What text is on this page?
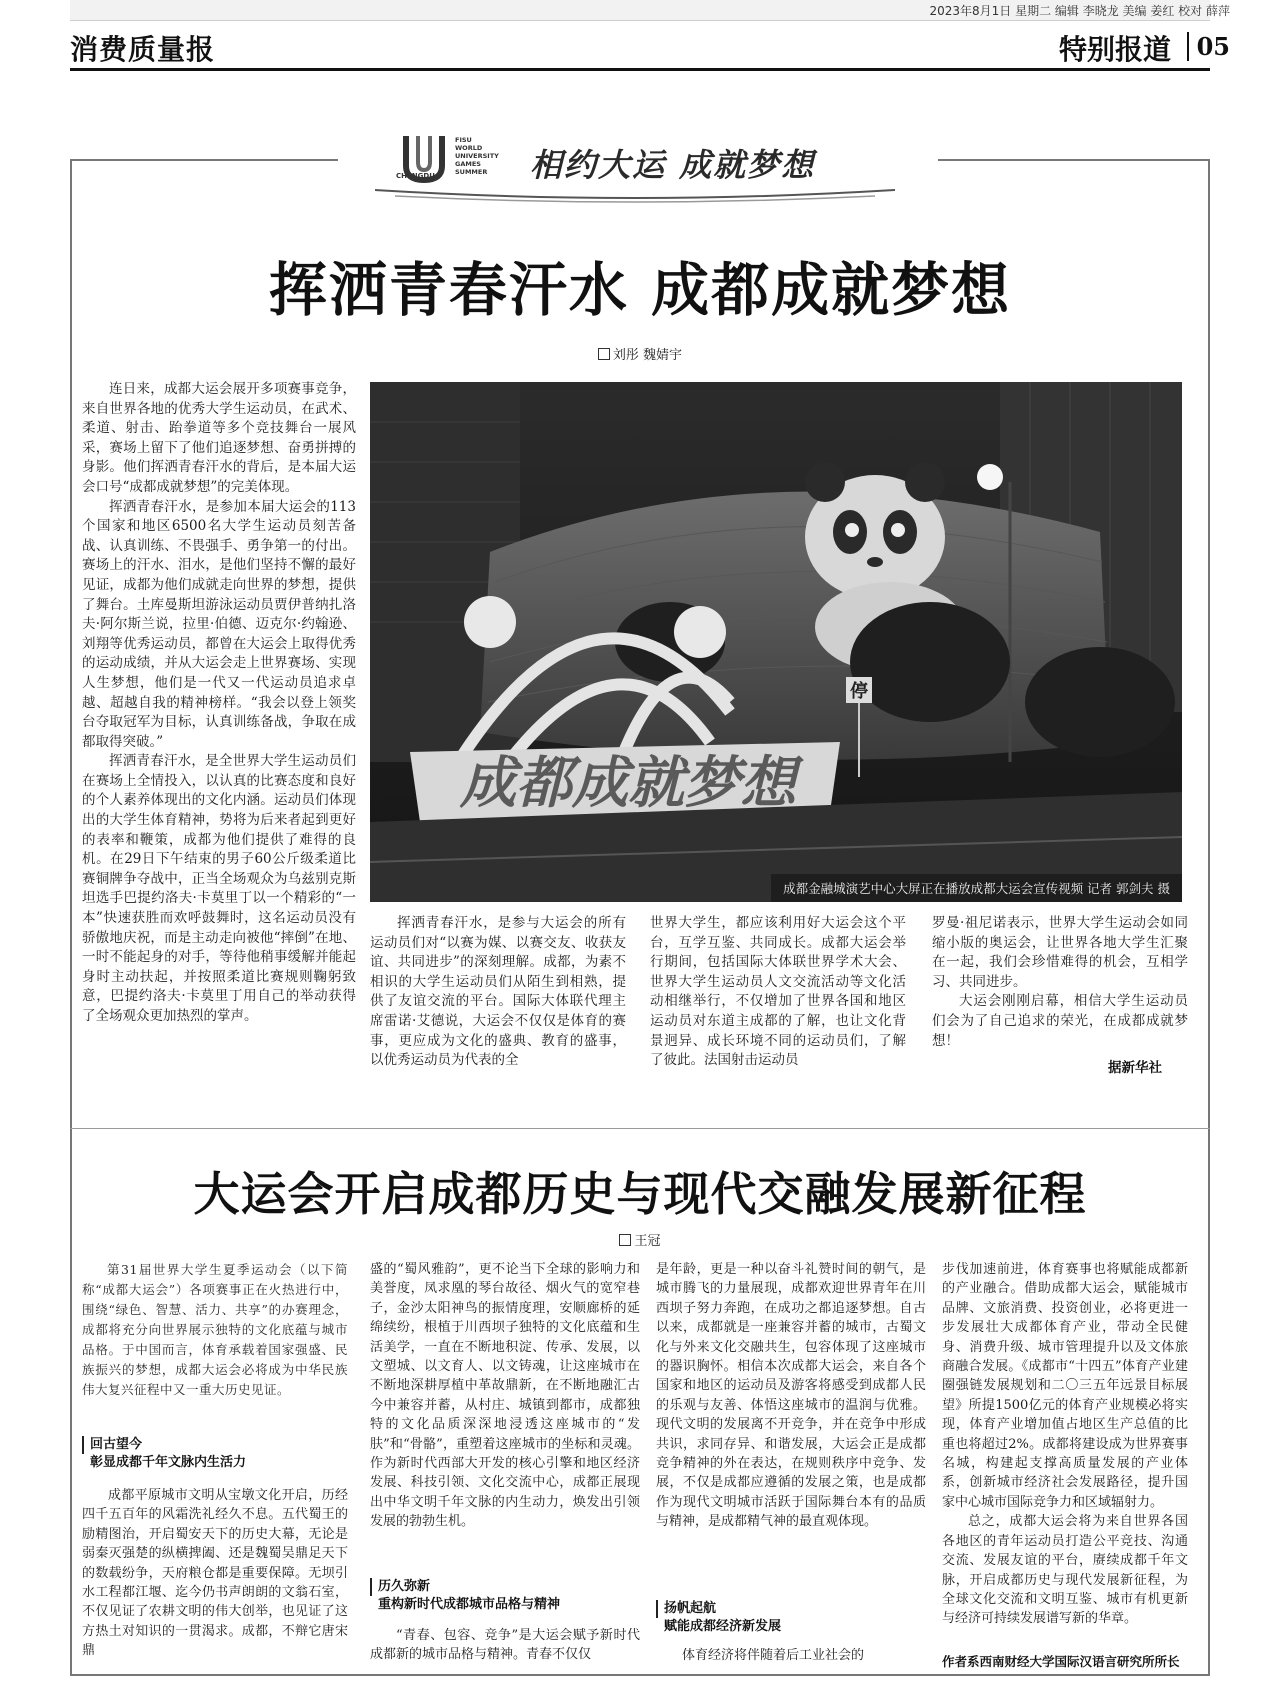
2023年8月1日 星期二 编辑 李晓龙 美编 姜红 校对 薛萍
消费质量报	特别报道	05
CHENGDU
FISU
WORLD
UNIVERSITY
GAMES
SUMMER	相约大运 成就梦想
挥洒青春汗水 成都成就梦想
刘彤 魏婧宇

连日来，成都大运会展开多项赛事竞争，来自世界各地的优秀大学生运动员，在武术、柔道、射击、跆拳道等多个竞技舞台一展风采，赛场上留下了他们追逐梦想、奋勇拼搏的身影。他们挥洒青春汗水的背后，是本届大运会口号“成都成就梦想”的完美体现。

挥洒青春汗水，是参加本届大运会的113个国家和地区6500名大学生运动员刻苦备战、认真训练、不畏强手、勇争第一的付出。赛场上的汗水、泪水，是他们坚持不懈的最好见证，成都为他们成就走向世界的梦想，提供了舞台。土库曼斯坦游泳运动员贾伊普纳扎洛夫·阿尔斯兰说，拉里·伯德、迈克尔·约翰逊、刘翔等优秀运动员，都曾在大运会上取得优秀的运动成绩，并从大运会走上世界赛场、实现人生梦想，他们是一代又一代运动员追求卓越、超越自我的精神榜样。“我会以登上领奖台夺取冠军为目标，认真训练备战，争取在成都取得突破。”

挥洒青春汗水，是全世界大学生运动员们在赛场上全情投入，以认真的比赛态度和良好的个人素养体现出的文化内涵。运动员们体现出的大学生体育精神，势将为后来者起到更好的表率和鞭策，成都为他们提供了难得的良机。在29日下午结束的男子60公斤级柔道比赛铜牌争夺战中，正当全场观众为乌兹别克斯坦选手巴提约洛夫·卡莫里丁以一个精彩的“一本”快速获胜而欢呼鼓舞时，这名运动员没有骄傲地庆祝，而是主动走向被他“摔倒”在地、一时不能起身的对手，等待他稍事缓解并能起身时主动扶起，并按照柔道比赛规则鞠躬致意，巴提约洛夫·卡莫里丁用自己的举动获得了全场观众更加热烈的掌声。

停
成都成就梦想
成都金融城演艺中心大屏正在播放成都大运会宣传视频 记者 郭剑夫 摄

挥洒青春汗水，是参与大运会的所有运动员们对“以赛为媒、以赛交友、收获友谊、共同进步”的深刻理解。成都，为素不相识的大学生运动员们从陌生到相熟，提供了友谊交流的平台。国际大体联代理主席雷诺·艾德说，大运会不仅仅是体育的赛事，更应成为文化的盛典、教育的盛事，以优秀运动员为代表的全

世界大学生，都应该利用好大运会这个平台，互学互鉴、共同成长。成都大运会举行期间，包括国际大体联世界学术大会、世界大学生运动员人文交流活动等文化活动相继举行，不仅增加了世界各国和地区运动员对东道主成都的了解，也让文化背景迥异、成长环境不同的运动员们，了解了彼此。法国射击运动员

罗曼·祖尼诺表示，世界大学生运动会如同缩小版的奥运会，让世界各地大学生汇聚在一起，我们会珍惜难得的机会，互相学习、共同进步。

大运会刚刚启幕，相信大学生运动员们会为了自己追求的荣光，在成都成就梦想！

据新华社
大运会开启成都历史与现代交融发展新征程
王冠

第31届世界大学生夏季运动会（以下简称“成都大运会”）各项赛事正在火热进行中，围绕“绿色、智慧、活力、共享”的办赛理念，成都将充分向世界展示独特的文化底蕴与城市品格。于中国而言，体育承载着国家强盛、民族振兴的梦想，成都大运会必将成为中华民族伟大复兴征程中又一重大历史见证。

回古望今
彰显成都千年文脉内生活力

成都平原城市文明从宝墩文化开启，历经四千五百年的风霜洗礼经久不息。五代蜀王的励精图治，开启蜀安天下的历史大幕，无论是弱秦灭强楚的纵横捭阖、还是魏蜀吴鼎足天下的数载纷争，天府粮仓都是重要保障。无坝引水工程都江堰、迄今仍书声朗朗的文翁石室，不仅见证了农耕文明的伟大创举，也见证了这方热土对知识的一贯渴求。成都，不辩它唐宋鼎

盛的“蜀风雅韵”，更不论当下全球的影响力和美誉度，凤求凰的琴台故径、烟火气的宽窄巷子，金沙太阳神鸟的振情度理，安顺廊桥的延绵续纷，根植于川西坝子独特的文化底蕴和生活美学，一直在不断地积淀、传承、发展，以文塑城、以文育人、以文铸魂，让这座城市在不断地深耕厚植中革故鼎新，在不断地融汇古今中兼容并蓄，从村庄、城镇到都市，成都独特的文化品质深深地浸透这座城市的“发肤”和“骨骼”，重塑着这座城市的坐标和灵魂。作为新时代西部大开发的核心引擎和地区经济发展、科技引领、文化交流中心，成都正展现出中华文明千年文脉的内生动力，焕发出引领发展的勃勃生机。

历久弥新
重构新时代成都城市品格与精神

“青春、包容、竞争”是大运会赋予新时代成都新的城市品格与精神。青春不仅仅

是年龄，更是一种以奋斗礼赞时间的朝气，是城市腾飞的力量展现，成都欢迎世界青年在川西坝子努力奔跑，在成功之都追逐梦想。自古以来，成都就是一座兼容并蓄的城市，古蜀文化与外来文化交融共生，包容体现了这座城市的器识胸怀。相信本次成都大运会，来自各个国家和地区的运动员及游客将感受到成都人民的乐观与友善、体悟这座城市的温润与优雅。现代文明的发展离不开竞争，并在竞争中形成共识，求同存异、和谐发展，大运会正是成都竞争精神的外在表达，在规则秩序中竞争、发展，不仅是成都应遵循的发展之策，也是成都作为现代文明城市活跃于国际舞台本有的品质与精神，是成都精气神的最直观体现。

扬帆起航
赋能成都经济新发展

体育经济将伴随着后工业社会的

步伐加速前进，体育赛事也将赋能成都新的产业融合。借助成都大运会，赋能城市品牌、文旅消费、投资创业，必将更进一步发展壮大成都体育产业，带动全民健身、消费升级、城市管理提升以及文体旅商融合发展。《成都市“十四五”体育产业建圈强链发展规划和二〇三五年远景目标展望》所提1500亿元的体育产业规模必将实现，体育产业增加值占地区生产总值的比重也将超过2%。成都将建设成为世界赛事名城，构建起支撑高质量发展的产业体系，创新城市经济社会发展路径，提升国家中心城市国际竞争力和区域辐射力。

总之，成都大运会将为来自世界各国各地区的青年运动员打造公平竞技、沟通交流、发展友谊的平台，赓续成都千年文脉，开启成都历史与现代发展新征程，为全球文化交流和文明互鉴、城市有机更新与经济可持续发展谱写新的华章。

作者系西南财经大学国际汉语言研究所所长
